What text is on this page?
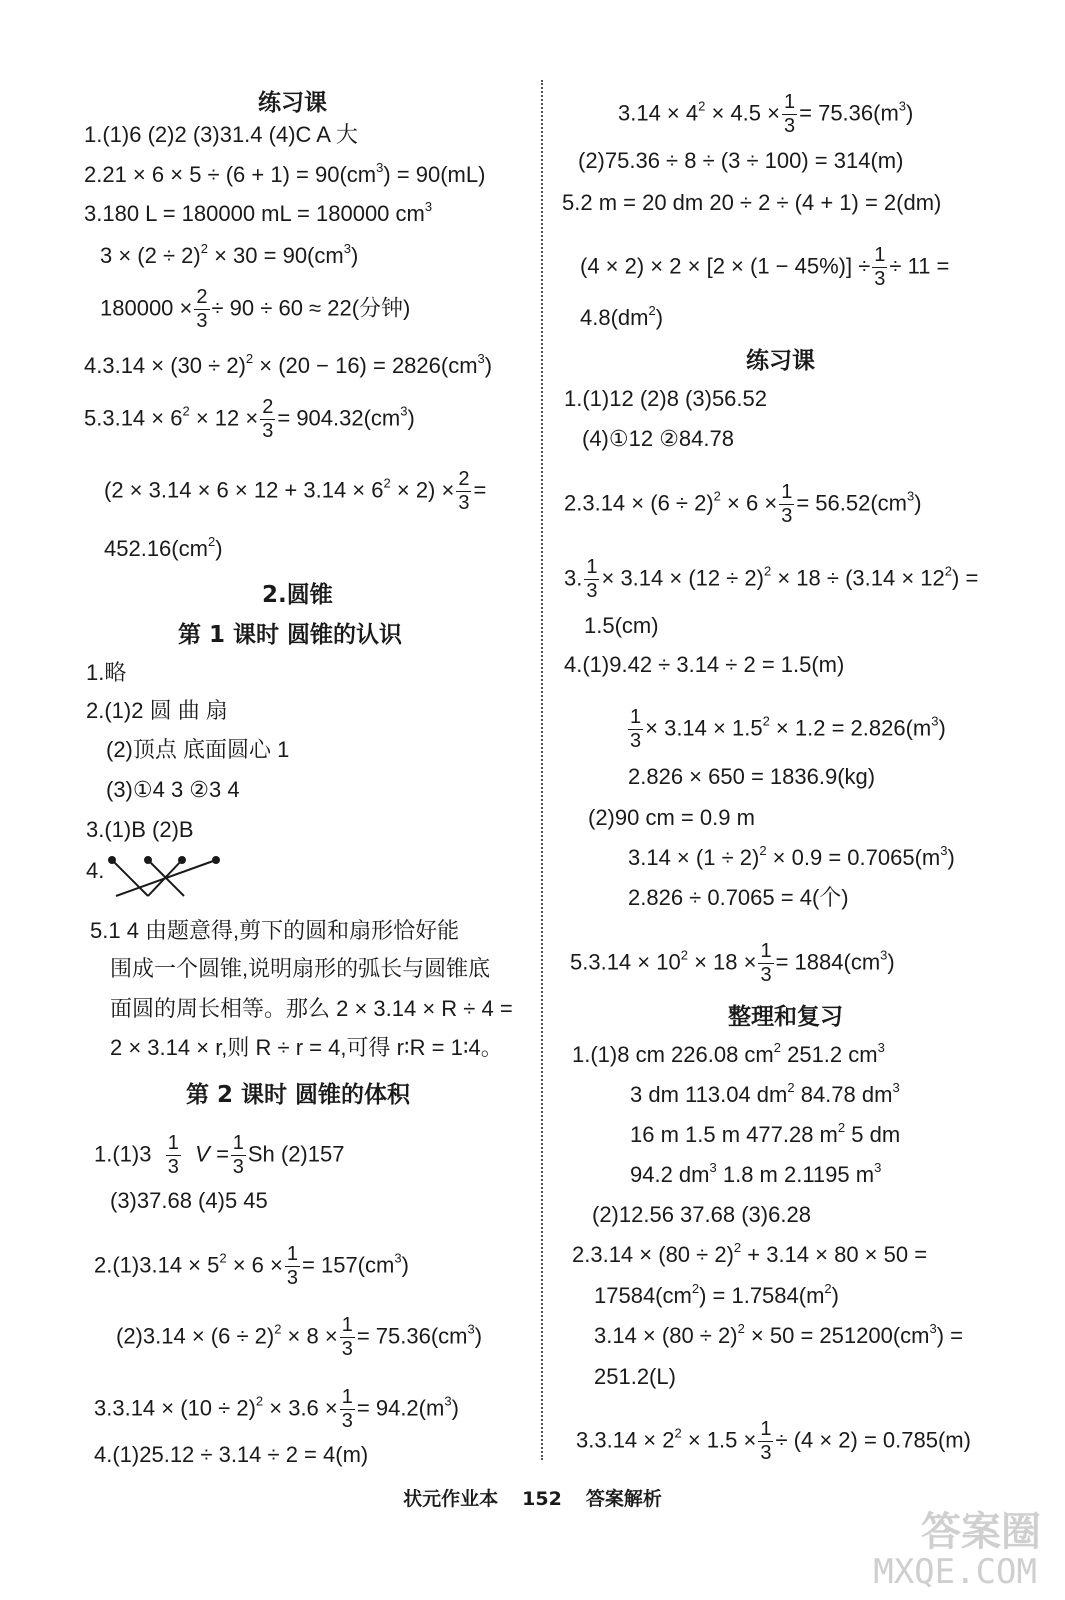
练习课
1.(1)6 (2)2 (3)31.4 (4)C A 大
$2.21 \times 6 \times 5 \div (6 + 1) = 90(cm^3) = 90(mL)$
3.180 L = 180000 mL = 180000 $cm^3$
$3 \times (2 \div 2)^2 \times 30 = 90(cm^3)$
$180000 \times \frac{2}{3} \div 90 \div 60 \approx 22$(分钟)
$4.3.14 \times (30 \div 2)^2 \times (20 - 16) = 2826(cm^3)$
$5.3.14 \times 6^2 \times 12 \times \frac{2}{3} = 904.32(cm^3)$
$(2 \times 3.14 \times 6 \times 12 + 3.14 \times 6^2 \times 2) \times \frac{2}{3}$ =
$452.16(cm^2)$
2.圆锥
第 1 课时 圆锥的认识
1.略
2.(1)2 圆 曲 扇
(2)顶点 底面圆心 1
(3)①4 3 ②3 4
3.(1)B (2)B
4.
5.1 4 由题意得,剪下的圆和扇形恰好能
围成一个圆锥,说明扇形的弧长与圆锥底
面圆的周长相等。那么 2 × 3.14 × R ÷ 4 =
2 × 3.14 × r,则 R ÷ r = 4,可得 r∶R = 1∶4。
第 2 课时 圆锥的体积
$1.(1)3 \frac{1}{3}$ $V = \frac{1}{3}$ Sh (2)157
(3)37.68 (4)5 45
$2.(1)3.14 \times 5^2 \times 6 \times \frac{1}{3} = 157(cm^3)$
$(2)3.14 \times (6 \div 2)^2 \times 8 \times \frac{1}{3} = 75.36(cm^3)$
$3.3.14 \times (10 \div 2)^2 \times 3.6 \times \frac{1}{3} = 94.2(m^3)$
4.(1)25.12 ÷ 3.14 ÷ 2 = 4(m)
$3.14 \times 4^2 \times 4.5 \times \frac{1}{3} = 75.36(m^3)$
(2)75.36 ÷ 8 ÷ (3 ÷ 100) = 314(m)
5.2 m = 20 dm 20 ÷ 2 ÷ (4 + 1) = 2(dm)
$(4 \times 2) \times 2 \times [2 \times (1 - 45\%)] \div \frac{1}{3} \div 11$ =
$4.8(dm^2)$
练习课
1.(1)12 (2)8 (3)56.52
(4)①12 ②84.78
$2.3.14 \times (6 \div 2)^2 \times 6 \times \frac{1}{3} = 56.52(cm^3)$
3. $\frac{1}{3} \times 3.14 \times (12 \div 2)^2 \times 18 \div (3.14 \times 12^2)$ =
1.5(cm)
4.(1)9.42 ÷ 3.14 ÷ 2 = 1.5(m)
$\frac{1}{3} \times 3.14 \times 1.5^2 \times 1.2 = 2.826(m^3)$
2.826 × 650 = 1836.9(kg)
(2)90 cm = 0.9 m
$3.14 \times (1 \div 2)^2 \times 0.9 = 0.7065(m^3)$
2.826 ÷ 0.7065 = 4(个)
$5.3.14 \times 10^2 \times 18 \times \frac{1}{3} = 1884(cm^3)$
整理和复习
1.(1)8 cm 226.08 $cm^2$ 251.2 $cm^3$
3 dm 113.04 $dm^2$ 84.78 $dm^3$
16 m 1.5 m 477.28 $m^2$ 5 dm
94.2 $dm^3$ 1.8 m 2.1195 $m^3$
(2)12.56 37.68 (3)6.28
$2.3.14 \times (80 \div 2)^2 + 3.14 \times 80 \times 50$ =
$17584(cm^2) = 1.7584(m^2)$
$3.14 \times (80 \div 2)^2 \times 50 = 251200(cm^3)$ =
251.2(L)
$3.3.14 \times 2^2 \times 1.5 \times \frac{1}{3} \div (4 \times 2) = 0.785(m)$
状元作业本 152 答案解析
答案圈
MXQE.COM
